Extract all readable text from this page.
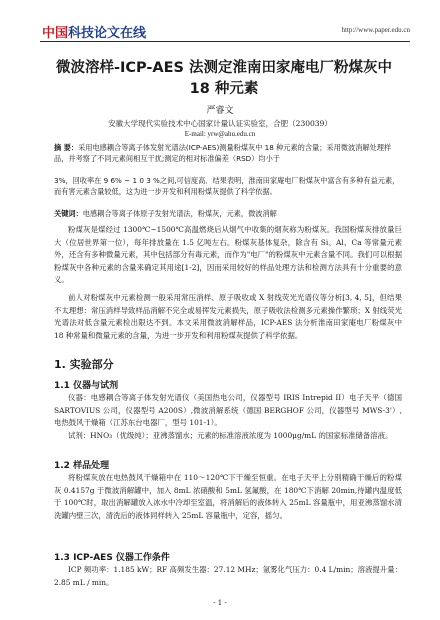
中国科技论文在线	http://www.paper.edu.cn
微波溶样-ICP-AES 法测定淮南田家庵电厂粉煤灰中 18 种元素
严睿文
安徽大学现代实验技术中心国家计量认证实验室，合肥（230039）
E-mail: yrw@ahu.edu.cn
摘 要：采用电感耦合等离子体发射光谱法(ICP-AES)测量粉煤灰中 18 种元素的含量；采用微波消解处理样品，并考察了不同元素间相互干扰;测定的相对标准偏差（RSD）均小于
3%，回收率在 9 6% ~ 1 0 3 %之间,可信度高．结果表明，淮南田家庵电厂粉煤灰中富含有多种有益元素，而有害元素含量较低，这为进一步开发和利用粉煤灰提供了科学依据。
关键词：电感耦合等离子体原子发射光谱法，粉煤灰，元素，微波消解
粉煤灰是煤经过 1300℃~1500℃高温燃烧后从烟气中收集的烟灰称为粉煤灰。我国粉煤灰排放量巨大（位居世界第一位），每年排放量在 1.5 亿吨左右。粉煤灰基体复杂，除含有 Si、Al、Ca 等常量元素外，还含有多种微量元素，其中包括部分有毒元素，而作为"电厂"的粉煤灰中元素含量不同。我们可以根据粉煤灰中各种元素的含量来确定其用途[1-2]，因而采用较好的样品处理方法和检测方法具有十分重要的意义。
前人对粉煤灰中元素检测一般采用常压消样、原子吸收或 X 射线荧光光谱仪等分析[3, 4, 5]，但结果不太理想：常压消样导致样品消解不完全或易挥发元素损失，原子吸收法检测多元素操作繁琐；X 射线荧光光谱法对低含量元素检出限达不到。本文采用微波消解样品，ICP-AES 法分析淮南田家庵电厂粉煤灰中 18 种常量和微量元素的含量，为进一步开发和利用粉煤灰提供了科学依据。
1. 实验部分
1.1 仪器与试剂
仪器：电感耦合等离子体发射光谱仪（美国热电公司，仪器型号 IRIS Intrepid II）电子天平（德国 SARTOVIUS 公司，仪器型号 A200S）,微波消解系统（德国 BERGHOF 公司，仪器型号 MWS-3'）,电热鼓风干燥箱（江苏东台电器厂，型号 101-1）。
试剂：HNO₃（优级纯）；亚沸蒸馏水；元素的标准溶液浓度为 1000μg/mL 的国家标准储备溶液。
1.2 样品处理
将粉煤灰放在电热鼓风干燥箱中在 110～120℃下干燥至恒重。在电子天平上分别精确干燥后的粉煤灰 0.4157g 于微波消解罐中，加入 8mL 浓硝酸和 5mL 氢氟酸，在 180℃下消解 20min,待罐内温度低于 100℃时，取出消解罐放入冰水中冷却至室温，将消解后的液体转入 25mL 容量瓶中，用亚沸蒸馏水清洗罐内壁三次，清洗后的液体同样转入 25mL 容量瓶中，定容，摇匀。
1.3 ICP-AES 仪器工作条件
ICP 频功率：1.185 kW；RF 高频发生器：27.12 MHz；氩雾化气压力：0.4 L/min；溶液提升量：2.85 mL / min。
- 1 -
